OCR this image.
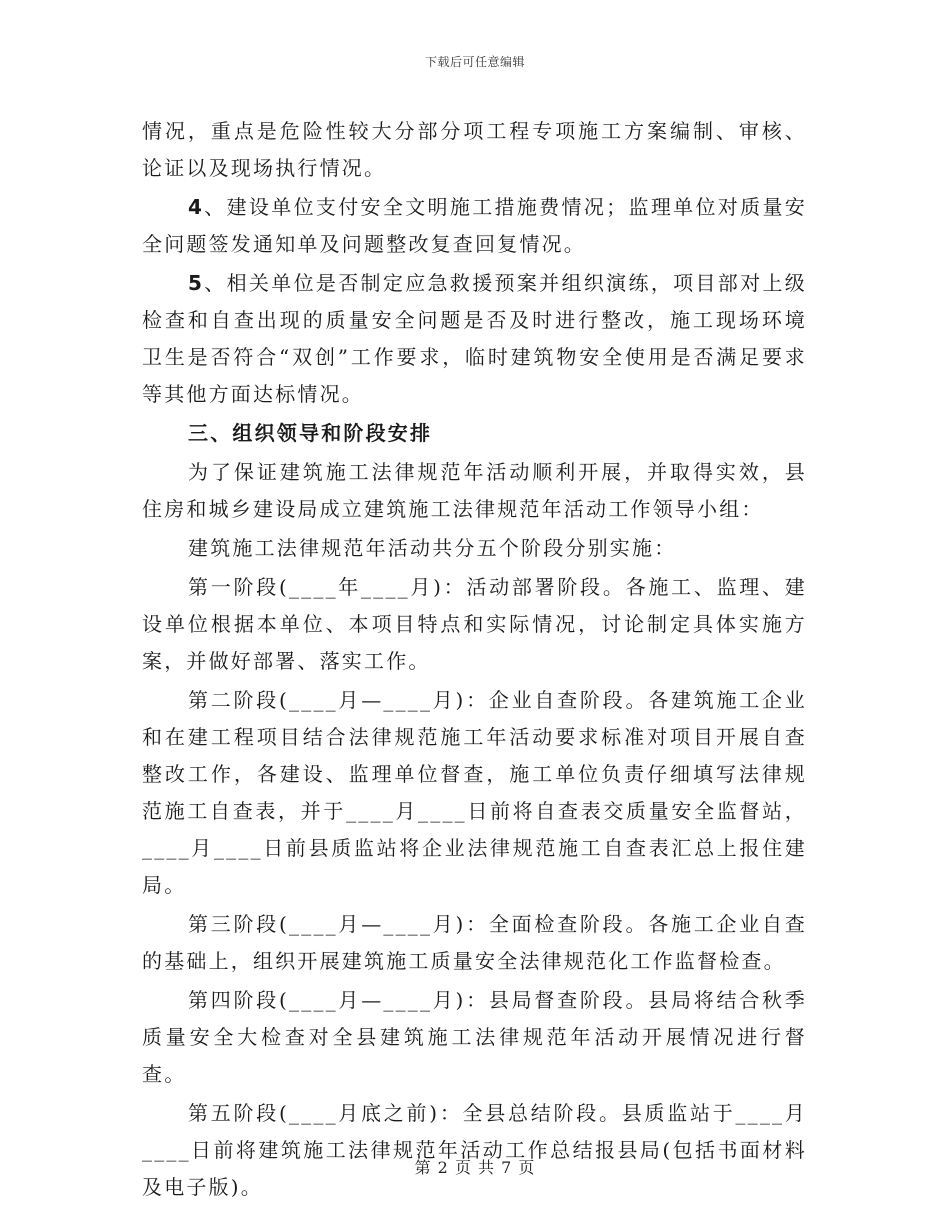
下载后可任意编辑

情况，重点是危险性较大分部分项工程专项施工方案编制、审核、论证以及现场执行情况。

4、建设单位支付安全文明施工措施费情况；监理单位对质量安全问题签发通知单及问题整改复查回复情况。

5、相关单位是否制定应急救援预案并组织演练，项目部对上级检查和自查出现的质量安全问题是否及时进行整改，施工现场环境卫生是否符合“双创”工作要求，临时建筑物安全使用是否满足要求等其他方面达标情况。

三、组织领导和阶段安排

为了保证建筑施工法律规范年活动顺利开展，并取得实效，县住房和城乡建设局成立建筑施工法律规范年活动工作领导小组：

建筑施工法律规范年活动共分五个阶段分别实施：

第一阶段(____年____月)：活动部署阶段。各施工、监理、建设单位根据本单位、本项目特点和实际情况，讨论制定具体实施方案，并做好部署、落实工作。

第二阶段(____月—____月)：企业自查阶段。各建筑施工企业和在建工程项目结合法律规范施工年活动要求标准对项目开展自查整改工作，各建设、监理单位督查，施工单位负责仔细填写法律规范施工自查表，并于____月____日前将自查表交质量安全监督站，____月____日前县质监站将企业法律规范施工自查表汇总上报住建局。

第三阶段(____月—____月)：全面检查阶段。各施工企业自查的基础上，组织开展建筑施工质量安全法律规范化工作监督检查。

第四阶段(____月—____月)：县局督查阶段。县局将结合秋季质量安全大检查对全县建筑施工法律规范年活动开展情况进行督查。

第五阶段(____月底之前)：全县总结阶段。县质监站于____月____日前将建筑施工法律规范年活动工作总结报县局(包括书面材料及电子版)。

第 2 页 共 7 页
